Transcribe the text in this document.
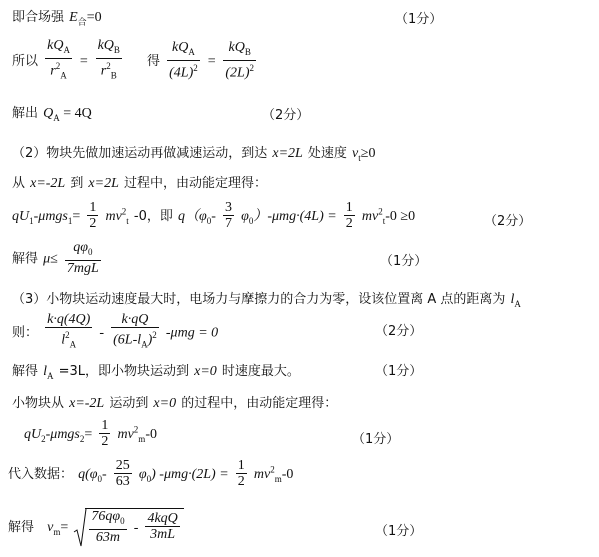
即合场强 $E_合=0$	（1分）
所以 $\frac{kQ_A}{r^2_A} = \frac{kQ_B}{r^2_B}$ 得 $\frac{kQ_A}{(4L)^2} = \frac{kQ_B}{(2L)^2}$
解出 $Q_A = 4Q$	（2分）
（2）物块先做加速运动再做减速运动，到达 x=2L 处速度 $v_t\ge 0$
从 x=-2L 到 x=2L 过程中，由动能定理得：
$qU_1-\mu mgs_1= \frac{1}{2} mv^2_t$ -0，即 $q(\varphi_0- \frac{3}{7} \varphi_0)-\mu mg\cdot(4L) = \frac{1}{2} mv^2_t-0 \ge 0$	（2分）
解得 $\mu\le \frac{q\varphi_0}{\text{7mgL}}$	（1分）
（3）小物块运动速度最大时，电场力与摩擦力的合力为零，设该位置离 A 点的距离为 $l_A$
则： $\frac{k\cdot q(4Q)}{l^2_A} - \frac{k\cdot qQ}{(6L-l_A)^2} -\mu mg = 0$	（2分）
解得 $l_A =3L$，即小物块运动到 x=0 时速度最大。	（1分）
小物块从 x=-2L 运动到 x=0 的过程中，由动能定理得：
$qU_2-\mu mgs_2= \frac{1}{2} mv^2_m-0$	（1分）
代入数据： $q(\varphi_0- \frac{25}{63} \varphi_0) -\mu mg\cdot(2L) = \frac{1}{2} mv^2_m-0$
解得 $v_m= \frac{76q\varphi_0}{63m} - \frac{\text{4kqQ}}{3mL}$	（1分）
